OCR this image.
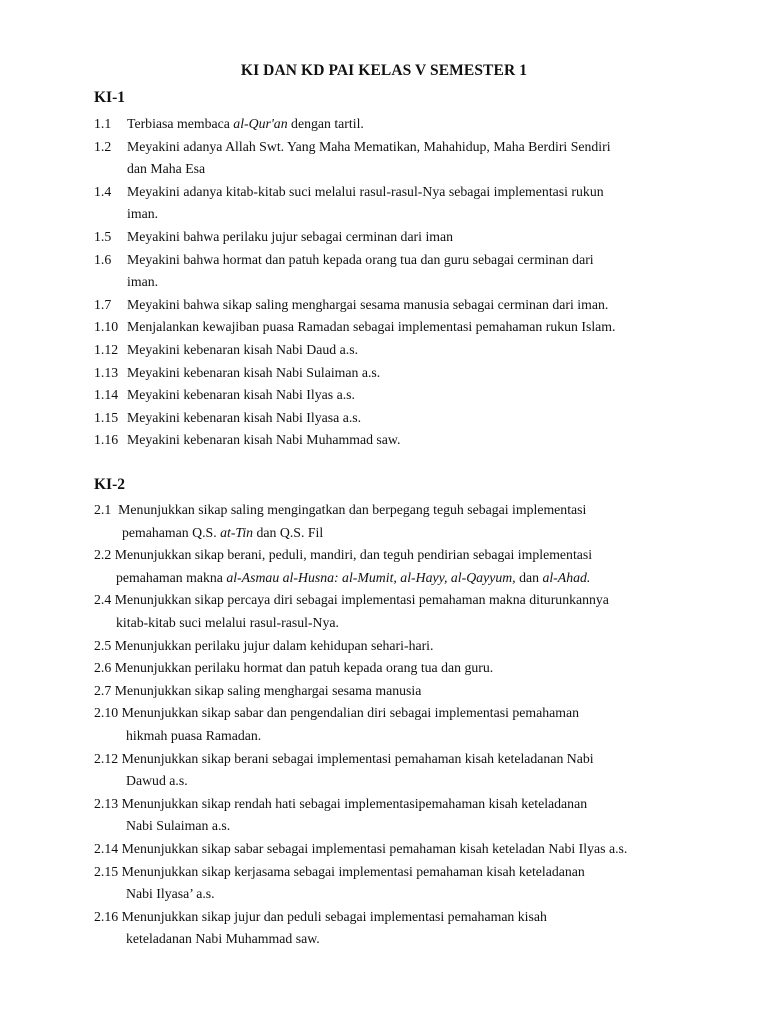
KI DAN KD PAI KELAS V SEMESTER 1
KI-1
1.1 Terbiasa membaca al-Qur'an dengan tartil.
1.2 Meyakini adanya Allah Swt. Yang Maha Mematikan, Mahahidup, Maha Berdiri Sendiri
dan Maha Esa
1.4 Meyakini adanya kitab-kitab suci melalui rasul-rasul-Nya sebagai implementasi rukun
iman.
1.5 Meyakini bahwa perilaku jujur sebagai cerminan dari iman
1.6 Meyakini bahwa hormat dan patuh kepada orang tua dan guru sebagai cerminan dari
iman.
1.7 Meyakini bahwa sikap saling menghargai sesama manusia sebagai cerminan dari iman.
1.10 Menjalankan kewajiban puasa Ramadan sebagai implementasi pemahaman rukun Islam.
1.12 Meyakini kebenaran kisah Nabi Daud a.s.
1.13 Meyakini kebenaran kisah Nabi Sulaiman a.s.
1.14 Meyakini kebenaran kisah Nabi Ilyas a.s.
1.15 Meyakini kebenaran kisah Nabi Ilyasa a.s.
1.16 Meyakini kebenaran kisah Nabi Muhammad saw.
KI-2
2.1 Menunjukkan sikap saling mengingatkan dan berpegang teguh sebagai implementasi
pemahaman Q.S. at-Tin dan Q.S. Fil
2.2 Menunjukkan sikap berani, peduli, mandiri, dan teguh pendirian sebagai implementasi
pemahaman makna al-Asmau al-Husna: al-Mumit, al-Hayy, al-Qayyum, dan al-Ahad.
2.4 Menunjukkan sikap percaya diri sebagai implementasi pemahaman makna diturunkannya
kitab-kitab suci melalui rasul-rasul-Nya.
2.5 Menunjukkan perilaku jujur dalam kehidupan sehari-hari.
2.6 Menunjukkan perilaku hormat dan patuh kepada orang tua dan guru.
2.7 Menunjukkan sikap saling menghargai sesama manusia
2.10 Menunjukkan sikap sabar dan pengendalian diri sebagai implementasi pemahaman
hikmah puasa Ramadan.
2.12 Menunjukkan sikap berani sebagai implementasi pemahaman kisah keteladanan Nabi
Dawud a.s.
2.13 Menunjukkan sikap rendah hati sebagai implementasipemahaman kisah keteladanan
Nabi Sulaiman a.s.
2.14 Menunjukkan sikap sabar sebagai implementasi pemahaman kisah keteladan Nabi Ilyas a.s.
2.15 Menunjukkan sikap kerjasama sebagai implementasi pemahaman kisah keteladanan
Nabi Ilyasa’ a.s.
2.16 Menunjukkan sikap jujur dan peduli sebagai implementasi pemahaman kisah
keteladanan Nabi Muhammad saw.
